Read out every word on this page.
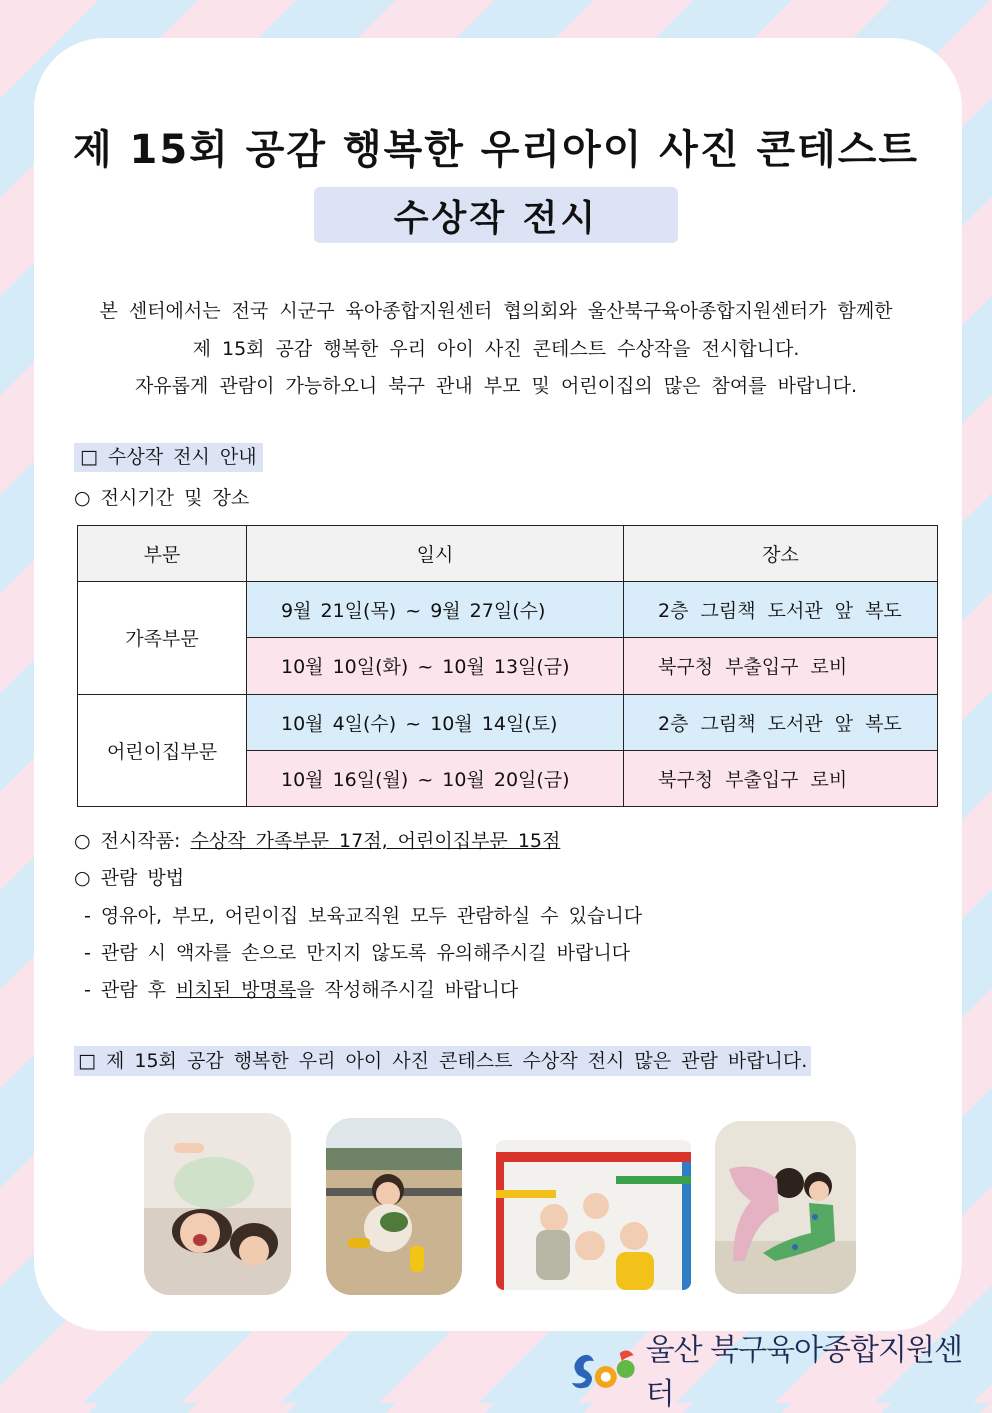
제 15회 공감 행복한 우리아이 사진 콘테스트
수상작 전시
본 센터에서는 전국 시군구 육아종합지원센터 협의회와 울산북구육아종합지원센터가 함께한
제 15회 공감 행복한 우리 아이 사진 콘테스트 수상작을 전시합니다.
자유롭게 관람이 가능하오니 북구 관내 부모 및 어린이집의 많은 참여를 바랍니다.
□ 수상작 전시 안내
○ 전시기간 및 장소
부문	일시	장소
가족부문	9월 21일(목) ~ 9월 27일(수)	2층 그림책 도서관 앞 복도
	10월 10일(화) ~ 10월 13일(금)	북구청 부출입구 로비
어린이집부문	10월 4일(수) ~ 10월 14일(토)	2층 그림책 도서관 앞 복도
	10월 16일(월) ~ 10월 20일(금)	북구청 부출입구 로비
○ 전시작품: 수상작 가족부문 17점, 어린이집부문 15점
○ 관람 방법
- 영유아, 부모, 어린이집 보육교직원 모두 관람하실 수 있습니다
- 관람 시 액자를 손으로 만지지 않도록 유의해주시길 바랍니다
- 관람 후 비치된 방명록을 작성해주시길 바랍니다
□ 제 15회 공감 행복한 우리 아이 사진 콘테스트 수상작 전시 많은 관람 바랍니다.
울산 북구육아종합지원센터
